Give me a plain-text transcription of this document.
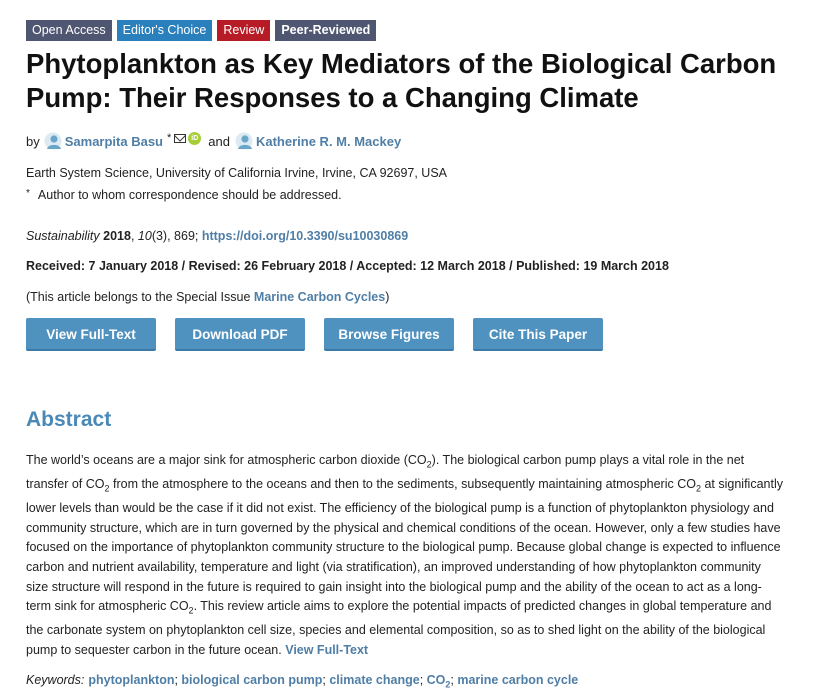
Open Access	Editor's Choice	Review	Peer-Reviewed
Phytoplankton as Key Mediators of the Biological Carbon Pump: Their Responses to a Changing Climate
by Samarpita Basu *	iD and Katherine R. M. Mackey
Earth System Science, University of California Irvine, Irvine, CA 92697, USA
* Author to whom correspondence should be addressed.
Sustainability 2018, 10(3), 869; https://doi.org/10.3390/su10030869
Received: 7 January 2018 / Revised: 26 February 2018 / Accepted: 12 March 2018 / Published: 19 March 2018
(This article belongs to the Special Issue Marine Carbon Cycles)
View Full-Text	Download PDF	Browse Figures	Cite This Paper
Abstract

The world’s oceans are a major sink for atmospheric carbon dioxide $(CO_2)$. The biological carbon pump plays a vital role in the net transfer of $CO_2$ from the atmosphere to the oceans and then to the sediments, subsequently maintaining atmospheric $CO_2$ at significantly lower levels than would be the case if it did not exist. The efficiency of the biological pump is a function of phytoplankton physiology and community structure, which are in turn governed by the physical and chemical conditions of the ocean. However, only a few studies have focused on the importance of phytoplankton community structure to the biological pump. Because global change is expected to influence carbon and nutrient availability, temperature and light (via stratification), an improved understanding of how phytoplankton community size structure will respond in the future is required to gain insight into the biological pump and the ability of the ocean to act as a long-term sink for atmospheric $CO_2$. This review article aims to explore the potential impacts of predicted changes in global temperature and the carbonate system on phytoplankton cell size, species and elemental composition, so as to shed light on the ability of the biological pump to sequester carbon in the future ocean. View Full-Text

Keywords: phytoplankton; biological carbon pump; climate change; $CO_2$; marine carbon cycle
